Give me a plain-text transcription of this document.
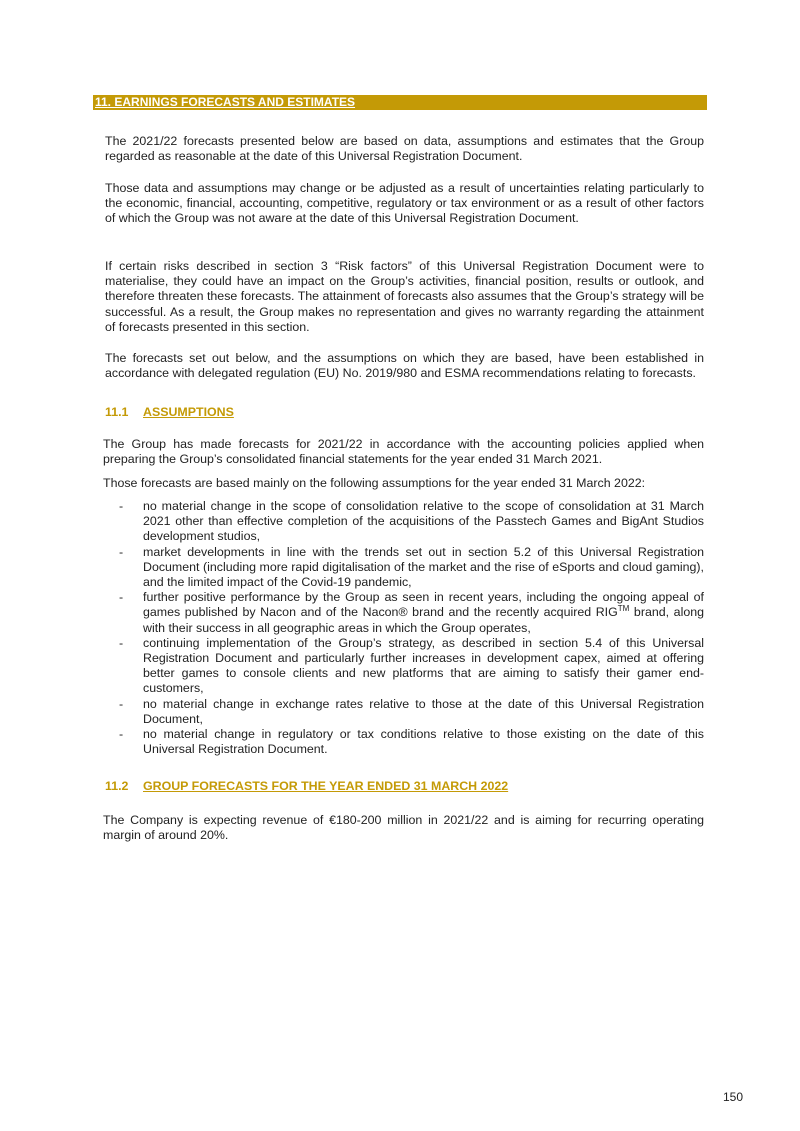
11. EARNINGS FORECASTS AND ESTIMATES

The 2021/22 forecasts presented below are based on data, assumptions and estimates that the Group regarded as reasonable at the date of this Universal Registration Document.

Those data and assumptions may change or be adjusted as a result of uncertainties relating particularly to the economic, financial, accounting, competitive, regulatory or tax environment or as a result of other factors of which the Group was not aware at the date of this Universal Registration Document.

If certain risks described in section 3 “Risk factors” of this Universal Registration Document were to materialise, they could have an impact on the Group’s activities, financial position, results or outlook, and therefore threaten these forecasts. The attainment of forecasts also assumes that the Group’s strategy will be successful. As a result, the Group makes no representation and gives no warranty regarding the attainment of forecasts presented in this section.

The forecasts set out below, and the assumptions on which they are based, have been established in accordance with delegated regulation (EU) No. 2019/980 and ESMA recommendations relating to forecasts.

11.1 ASSUMPTIONS

The Group has made forecasts for 2021/22 in accordance with the accounting policies applied when preparing the Group’s consolidated financial statements for the year ended 31 March 2021.

Those forecasts are based mainly on the following assumptions for the year ended 31 March 2022:

- no material change in the scope of consolidation relative to the scope of consolidation at 31 March 2021 other than effective completion of the acquisitions of the Passtech Games and BigAnt Studios development studios,
- market developments in line with the trends set out in section 5.2 of this Universal Registration Document (including more rapid digitalisation of the market and the rise of eSports and cloud gaming), and the limited impact of the Covid-19 pandemic,
- further positive performance by the Group as seen in recent years, including the ongoing appeal of games published by Nacon and of the Nacon® brand and the recently acquired RIG™ brand, along with their success in all geographic areas in which the Group operates,
- continuing implementation of the Group’s strategy, as described in section 5.4 of this Universal Registration Document and particularly further increases in development capex, aimed at offering better games to console clients and new platforms that are aiming to satisfy their gamer end-customers,
- no material change in exchange rates relative to those at the date of this Universal Registration Document,
- no material change in regulatory or tax conditions relative to those existing on the date of this Universal Registration Document.
11.2 GROUP FORECASTS FOR THE YEAR ENDED 31 MARCH 2022

The Company is expecting revenue of €180-200 million in 2021/22 and is aiming for recurring operating margin of around 20%.

150
